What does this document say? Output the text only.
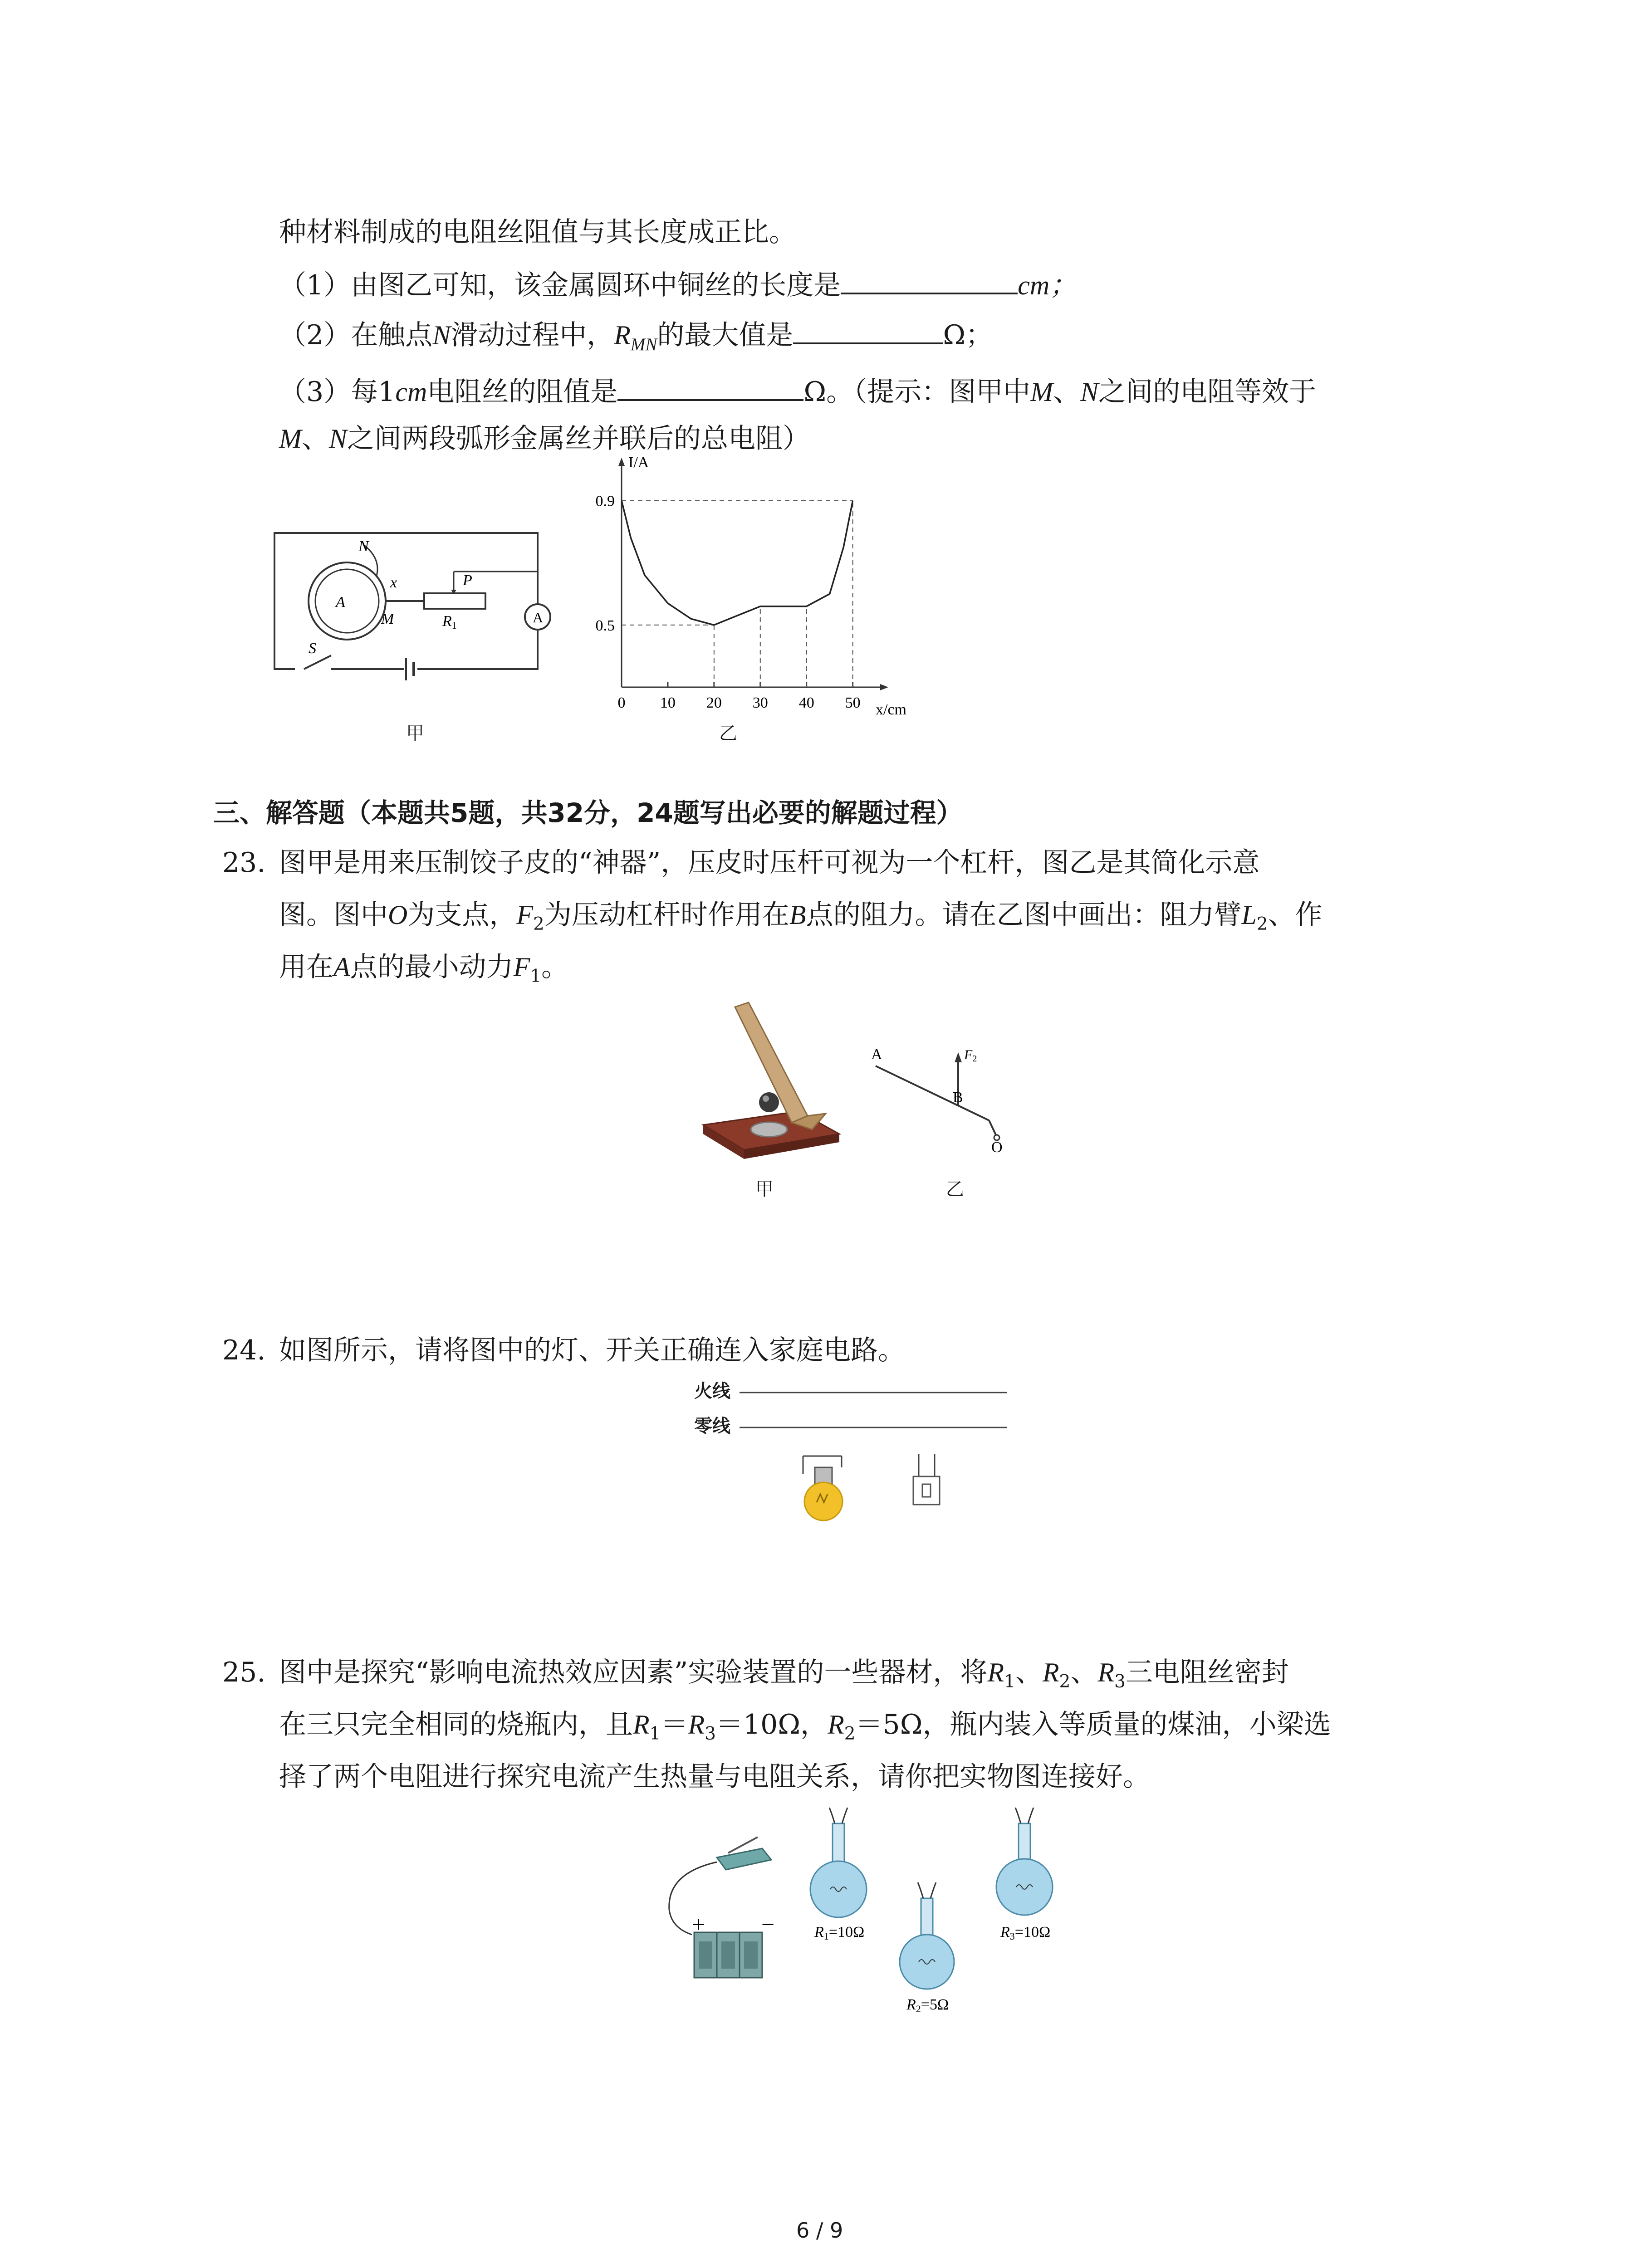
种材料制成的电阻丝阻值与其长度成正比。
（1）由图乙可知，该金属圆环中铜丝的长度是	cm；
（2）在触点N滑动过程中，$R_{MN}$的最大值是	Ω；
（3）每1cm电阻丝的阻值是	Ω。（提示：图甲中M、N之间的电阻等效于
M、N之间两段弧形金属丝并联后的总电阻）
N
x
A
M
P
R1	A
S
甲
I/A
x/cm
0 10 20 30 40 50
0.5
0.9
乙
三、解答题（本题共5题，共32分，24题写出必要的解题过程）
23. 图甲是用来压制饺子皮的“神器”，压皮时压杆可视为一个杠杆，图乙是其简化示意
图。图中O为支点，$F_2$为压动杠杆时作用在B点的阻力。请在乙图中画出：阻力臂$L_2$、作
用在A点的最小动力$F_1$。
甲
A
B
O
F2
乙
24. 如图所示，请将图中的灯、开关正确连入家庭电路。
火线
零线
25. 图中是探究“影响电流热效应因素”实验装置的一些器材，将$R_1$、$R_2$、$R_3$三电阻丝密封
在三只完全相同的烧瓶内，且$R_1=R_3=10\Omega$，$R_2=5\Omega$，瓶内装入等质量的煤油，小梁选
择了两个电阻进行探究电流产生热量与电阻关系，请你把实物图连接好。
+ −	R1=10Ω	R3=10Ω
R2=5Ω
6 / 9
